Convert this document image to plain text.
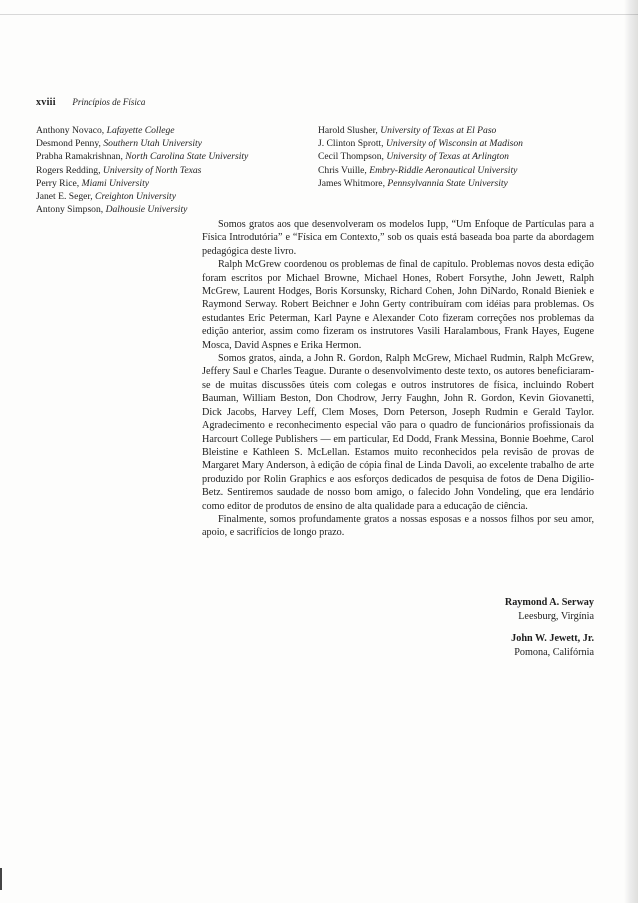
xviii Princípios de Física
Anthony Novaco, Lafayette College
Desmond Penny, Southern Utah University
Prabha Ramakrishnan, North Carolina State University
Rogers Redding, University of North Texas
Perry Rice, Miami University
Janet E. Seger, Creighton University
Antony Simpson, Dalhousie University
Harold Slusher, University of Texas at El Paso
J. Clinton Sprott, University of Wisconsin at Madison
Cecil Thompson, University of Texas at Arlington
Chris Vuille, Embry-Riddle Aeronautical University
James Whitmore, Pennsylvannia State University

Somos gratos aos que desenvolveram os modelos Iupp, “Um Enfoque de Partículas para a Física Introdutória” e “Física em Contexto,” sob os quais está baseada boa parte da abordagem pedagógica deste livro.

Ralph McGrew coordenou os problemas de final de capítulo. Problemas novos desta edição foram escritos por Michael Browne, Michael Hones, Robert Forsythe, John Jewett, Ralph McGrew, Laurent Hodges, Boris Korsunsky, Richard Cohen, John DiNardo, Ronald Bieniek e Raymond Serway. Robert Beichner e John Gerty contribuíram com idéias para problemas. Os estudantes Eric Peterman, Karl Payne e Alexander Coto fizeram correções nos problemas da edição anterior, assim como fizeram os instrutores Vasili Haralambous, Frank Hayes, Eugene Mosca, David Aspnes e Erika Hermon.

Somos gratos, ainda, a John R. Gordon, Ralph McGrew, Michael Rudmin, Ralph McGrew, Jeffery Saul e Charles Teague. Durante o desenvolvimento deste texto, os autores beneficiaram-se de muitas discussões úteis com colegas e outros instrutores de física, incluindo Robert Bauman, William Beston, Don Chodrow, Jerry Faughn, John R. Gordon, Kevin Giovanetti, Dick Jacobs, Harvey Leff, Clem Moses, Dorn Peterson, Joseph Rudmin e Gerald Taylor. Agradecimento e reconhecimento especial vão para o quadro de funcionários profissionais da Harcourt College Publishers — em particular, Ed Dodd, Frank Messina, Bonnie Boehme, Carol Bleistine e Kathleen S. McLellan. Estamos muito reconhecidos pela revisão de provas de Margaret Mary Anderson, à edição de cópia final de Linda Davoli, ao excelente trabalho de arte produzido por Rolin Graphics e aos esforços dedicados de pesquisa de fotos de Dena Digilio-Betz. Sentiremos saudade de nosso bom amigo, o falecido John Vondeling, que era lendário como editor de produtos de ensino de alta qualidade para a educação de ciência.

Finalmente, somos profundamente gratos a nossas esposas e a nossos filhos por seu amor, apoio, e sacrifícios de longo prazo.

Raymond A. Serway
Leesburg, Virgínia
John W. Jewett, Jr.
Pomona, Califórnia
